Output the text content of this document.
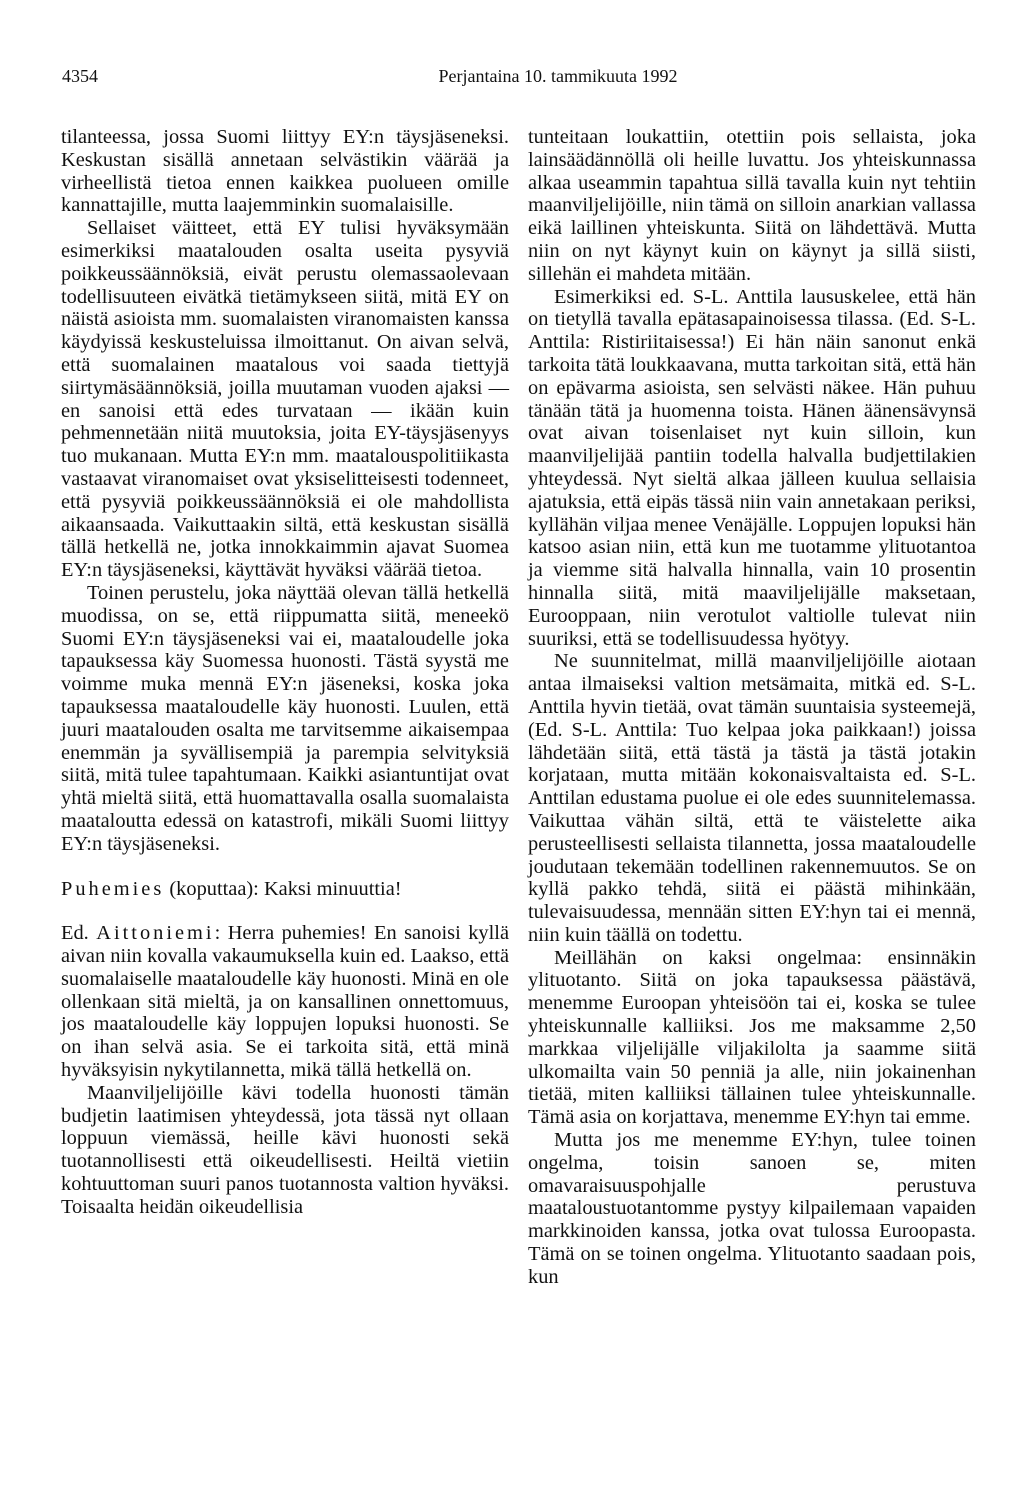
4354	Perjantaina 10. tammikuuta 1992

tilanteessa, jossa Suomi liittyy EY:n täysjäseneksi. Keskustan sisällä annetaan selvästikin väärää ja virheellistä tietoa ennen kaikkea puolueen omille kannattajille, mutta laajemminkin suomalaisille.

Sellaiset väitteet, että EY tulisi hyväksymään esimerkiksi maatalouden osalta useita pysyviä poikkeussäännöksiä, eivät perustu olemassaolevaan todellisuuteen eivätkä tietämykseen siitä, mitä EY on näistä asioista mm. suomalaisten viranomaisten kanssa käydyissä keskusteluissa ilmoittanut. On aivan selvä, että suomalainen maatalous voi saada tiettyjä siirtymäsäännöksiä, joilla muutaman vuoden ajaksi — en sanoisi että edes turvataan — ikään kuin pehmennetään niitä muutoksia, joita EY-täysjäsenyys tuo mukanaan. Mutta EY:n mm. maatalouspolitiikasta vastaavat viranomaiset ovat yksiselitteisesti todenneet, että pysyviä poikkeussäännöksiä ei ole mahdollista aikaansaada. Vaikuttaakin siltä, että keskustan sisällä tällä hetkellä ne, jotka innokkaimmin ajavat Suomea EY:n täysjäseneksi, käyttävät hyväksi väärää tietoa.

Toinen perustelu, joka näyttää olevan tällä hetkellä muodissa, on se, että riippumatta siitä, meneekö Suomi EY:n täysjäseneksi vai ei, maataloudelle joka tapauksessa käy Suomessa huonosti. Tästä syystä me voimme muka mennä EY:n jäseneksi, koska joka tapauksessa maataloudelle käy huonosti. Luulen, että juuri maatalouden osalta me tarvitsemme aikaisempaa enemmän ja syvällisempiä ja parempia selvityksiä siitä, mitä tulee tapahtumaan. Kaikki asiantuntijat ovat yhtä mieltä siitä, että huomattavalla osalla suomalaista maataloutta edessä on katastrofi, mikäli Suomi liittyy EY:n täysjäseneksi.

Puhemies (koputtaa): Kaksi minuuttia!

Ed. Aittoniemi: Herra puhemies! En sanoisi kyllä aivan niin kovalla vakaumuksella kuin ed. Laakso, että suomalaiselle maataloudelle käy huonosti. Minä en ole ollenkaan sitä mieltä, ja on kansallinen onnettomuus, jos maataloudelle käy loppujen lopuksi huonosti. Se on ihan selvä asia. Se ei tarkoita sitä, että minä hyväksyisin nykytilannetta, mikä tällä hetkellä on.

Maanviljelijöille kävi todella huonosti tämän budjetin laatimisen yhteydessä, jota tässä nyt ollaan loppuun viemässä, heille kävi huonosti sekä tuotannollisesti että oikeudellisesti. Heiltä vietiin kohtuuttoman suuri panos tuotannosta valtion hyväksi. Toisaalta heidän oikeudellisia

tunteitaan loukattiin, otettiin pois sellaista, joka lainsäädännöllä oli heille luvattu. Jos yhteiskunnassa alkaa useammin tapahtua sillä tavalla kuin nyt tehtiin maanviljelijöille, niin tämä on silloin anarkian vallassa eikä laillinen yhteiskunta. Siitä on lähdettävä. Mutta niin on nyt käynyt kuin on käynyt ja sillä siisti, sillehän ei mahdeta mitään.

Esimerkiksi ed. S-L. Anttila laususkelee, että hän on tietyllä tavalla epätasapainoisessa tilassa. (Ed. S-L. Anttila: Ristiriitaisessa!) Ei hän näin sanonut enkä tarkoita tätä loukkaavana, mutta tarkoitan sitä, että hän on epävarma asioista, sen selvästi näkee. Hän puhuu tänään tätä ja huomenna toista. Hänen äänensävynsä ovat aivan toisenlaiset nyt kuin silloin, kun maanviljelijää pantiin todella halvalla budjettilakien yhteydessä. Nyt sieltä alkaa jälleen kuulua sellaisia ajatuksia, että eipäs tässä niin vain annetakaan periksi, kyllähän viljaa menee Venäjälle. Loppujen lopuksi hän katsoo asian niin, että kun me tuotamme ylituotantoa ja viemme sitä halvalla hinnalla, vain 10 prosentin hinnalla siitä, mitä maaviljelijälle maksetaan, Eurooppaan, niin verotulot valtiolle tulevat niin suuriksi, että se todellisuudessa hyötyy.

Ne suunnitelmat, millä maanviljelijöille aiotaan antaa ilmaiseksi valtion metsämaita, mitkä ed. S-L. Anttila hyvin tietää, ovat tämän suuntaisia systeemejä, (Ed. S-L. Anttila: Tuo kelpaa joka paikkaan!) joissa lähdetään siitä, että tästä ja tästä ja tästä jotakin korjataan, mutta mitään kokonaisvaltaista ed. S-L. Anttilan edustama puolue ei ole edes suunnitelemassa. Vaikuttaa vähän siltä, että te väistelette aika perusteellisesti sellaista tilannetta, jossa maataloudelle joudutaan tekemään todellinen rakennemuutos. Se on kyllä pakko tehdä, siitä ei päästä mihinkään, tulevaisuudessa, mennään sitten EY:hyn tai ei mennä, niin kuin täällä on todettu.

Meillähän on kaksi ongelmaa: ensinnäkin ylituotanto. Siitä on joka tapauksessa päästävä, menemme Euroopan yhteisöön tai ei, koska se tulee yhteiskunnalle kalliiksi. Jos me maksamme 2,50 markkaa viljelijälle viljakilolta ja saamme siitä ulkomailta vain 50 penniä ja alle, niin jokainenhan tietää, miten kalliiksi tällainen tulee yhteiskunnalle. Tämä asia on korjattava, menemme EY:hyn tai emme.

Mutta jos me menemme EY:hyn, tulee toinen ongelma, toisin sanoen se, miten omavaraisuuspohjalle perustuva maataloustuotantomme pystyy kilpailemaan vapaiden markkinoiden kanssa, jotka ovat tulossa Euroopasta. Tämä on se toinen ongelma. Ylituotanto saadaan pois, kun
